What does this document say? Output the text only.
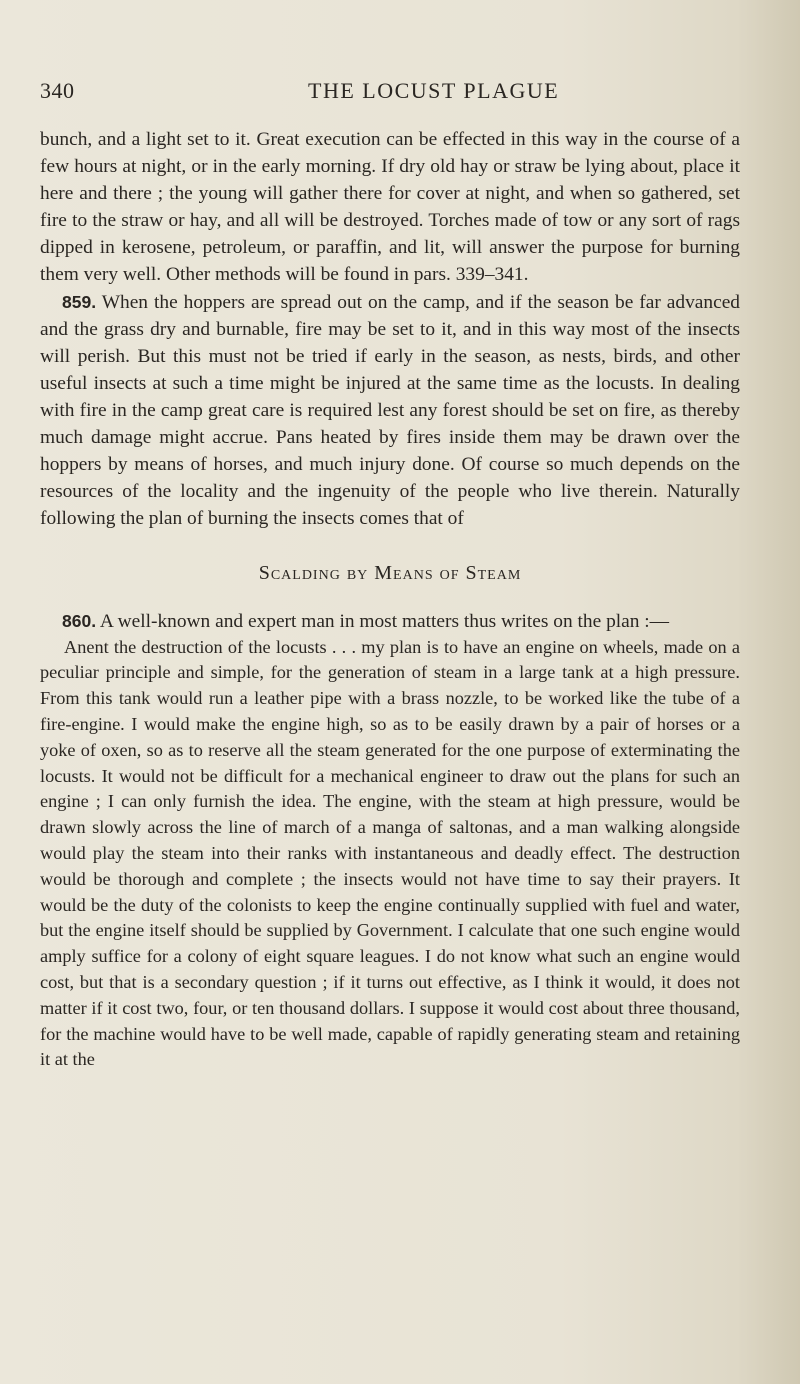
340	THE LOCUST PLAGUE

bunch, and a light set to it. Great execution can be effected in this way in the course of a few hours at night, or in the early morning. If dry old hay or straw be lying about, place it here and there ; the young will gather there for cover at night, and when so gathered, set fire to the straw or hay, and all will be destroyed. Torches made of tow or any sort of rags dipped in kerosene, petroleum, or paraffin, and lit, will answer the purpose for burning them very well. Other methods will be found in pars. 339–341.

859. When the hoppers are spread out on the camp, and if the season be far advanced and the grass dry and burnable, fire may be set to it, and in this way most of the insects will perish. But this must not be tried if early in the season, as nests, birds, and other useful insects at such a time might be injured at the same time as the locusts. In dealing with fire in the camp great care is required lest any forest should be set on fire, as thereby much damage might accrue. Pans heated by fires inside them may be drawn over the hoppers by means of horses, and much injury done. Of course so much depends on the resources of the locality and the ingenuity of the people who live therein. Naturally following the plan of burning the insects comes that of

Scalding by Means of Steam

860. A well-known and expert man in most matters thus writes on the plan :—

Anent the destruction of the locusts . . . my plan is to have an engine on wheels, made on a peculiar principle and simple, for the generation of steam in a large tank at a high pressure. From this tank would run a leather pipe with a brass nozzle, to be worked like the tube of a fire-engine. I would make the engine high, so as to be easily drawn by a pair of horses or a yoke of oxen, so as to reserve all the steam generated for the one purpose of exterminating the locusts. It would not be difficult for a mechanical engineer to draw out the plans for such an engine ; I can only furnish the idea. The engine, with the steam at high pressure, would be drawn slowly across the line of march of a manga of saltonas, and a man walking alongside would play the steam into their ranks with instantaneous and deadly effect. The destruction would be thorough and complete ; the insects would not have time to say their prayers. It would be the duty of the colonists to keep the engine continually supplied with fuel and water, but the engine itself should be supplied by Government. I calculate that one such engine would amply suffice for a colony of eight square leagues. I do not know what such an engine would cost, but that is a secondary question ; if it turns out effective, as I think it would, it does not matter if it cost two, four, or ten thousand dollars. I suppose it would cost about three thousand, for the machine would have to be well made, capable of rapidly generating steam and retaining it at the
